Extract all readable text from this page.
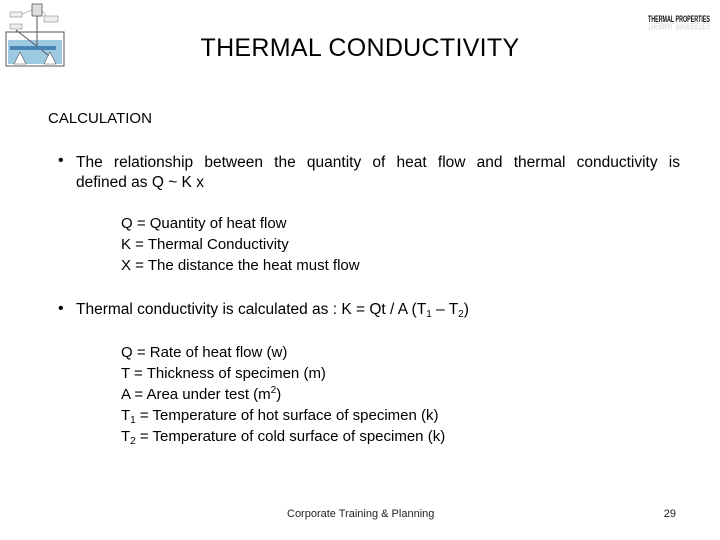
THERMAL PROPERTIES
THERMAL PROPERTIES
THERMAL CONDUCTIVITY
CALCULATION
• The relationship between the quantity of heat flow and thermal conductivity is
defined as Q ~ K x
Q = Quantity of heat flow
K = Thermal Conductivity
X = The distance the heat must flow
• Thermal conductivity is calculated as : K = Qt / A $(T_1 - T_2)$
Q = Rate of heat flow (w)
T = Thickness of specimen (m)
A = Area under test $(m^2)$
$T_1$ = Temperature of hot surface of specimen (k)
$T_2$ = Temperature of cold surface of specimen (k)
Corporate Training & Planning	29
